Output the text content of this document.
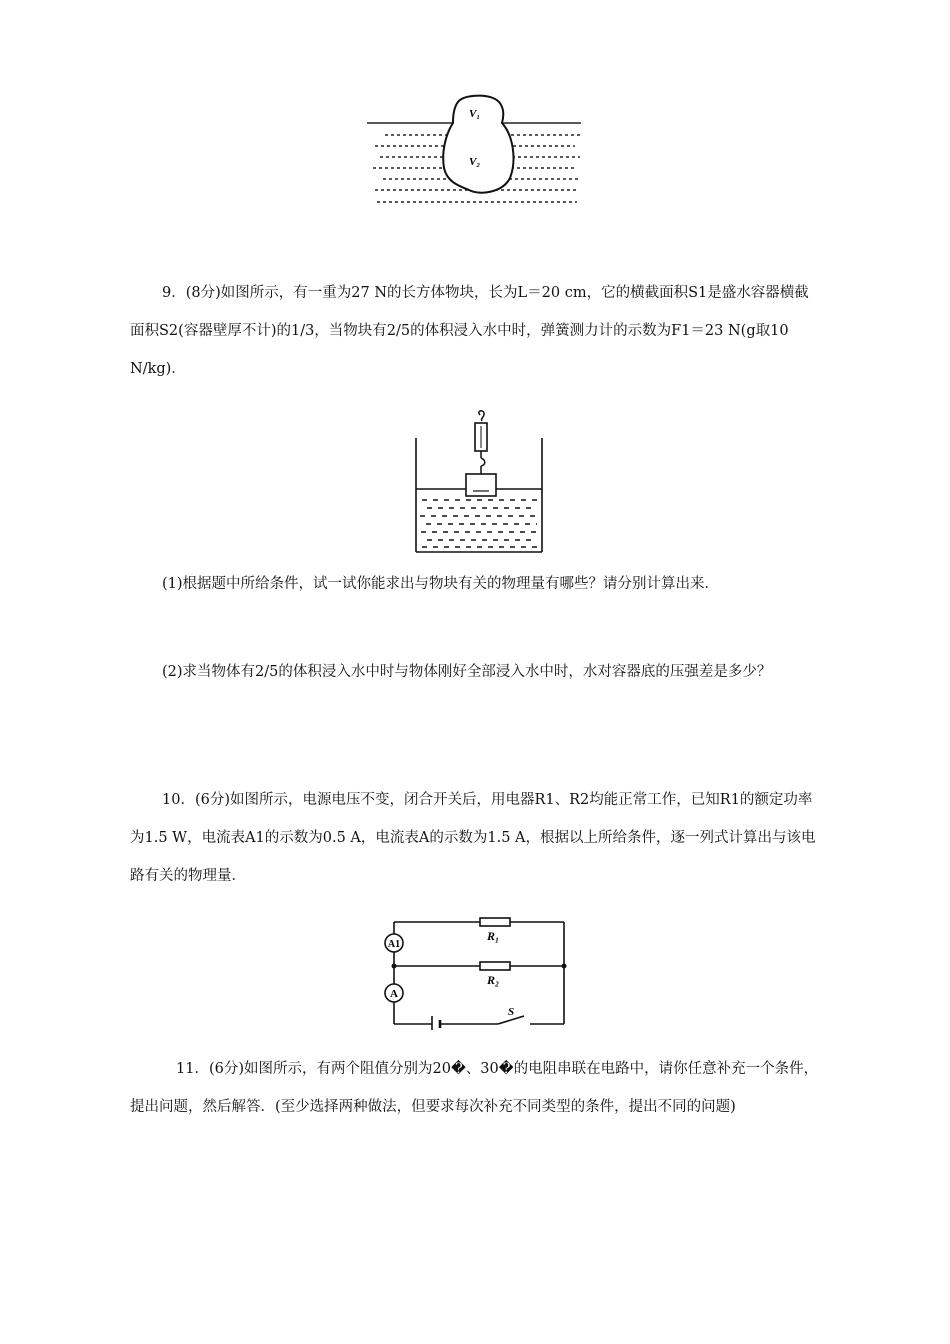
V₁
V₂

9．(8分)如图所示，有一重为27 N的长方体物块，长为L＝20 cm，它的横截面积S1是盛水容器横截面积S2(容器壁厚不计)的1/3，当物块有2/5的体积浸入水中时，弹簧测力计的示数为F1＝23 N(g取10 N/kg)．

(1)根据题中所给条件，试一试你能求出与物块有关的物理量有哪些？请分别计算出来．

(2)求当物体有2/5的体积浸入水中时与物体刚好全部浸入水中时，水对容器底的压强差是多少？

10．(6分)如图所示，电源电压不变，闭合开关后，用电器R1、R2均能正常工作，已知R1的额定功率为1.5 W，电流表A1的示数为0.5 A，电流表A的示数为1.5 A，根据以上所给条件，逐一列式计算出与该电路有关的物理量．

A1
A
R₁
R₂
S

11．(6分)如图所示，有两个阻值分别为20�、30�的电阻串联在电路中，请你任意补充一个条件，提出问题，然后解答．(至少选择两种做法，但要求每次补充不同类型的条件，提出不同的问题)
